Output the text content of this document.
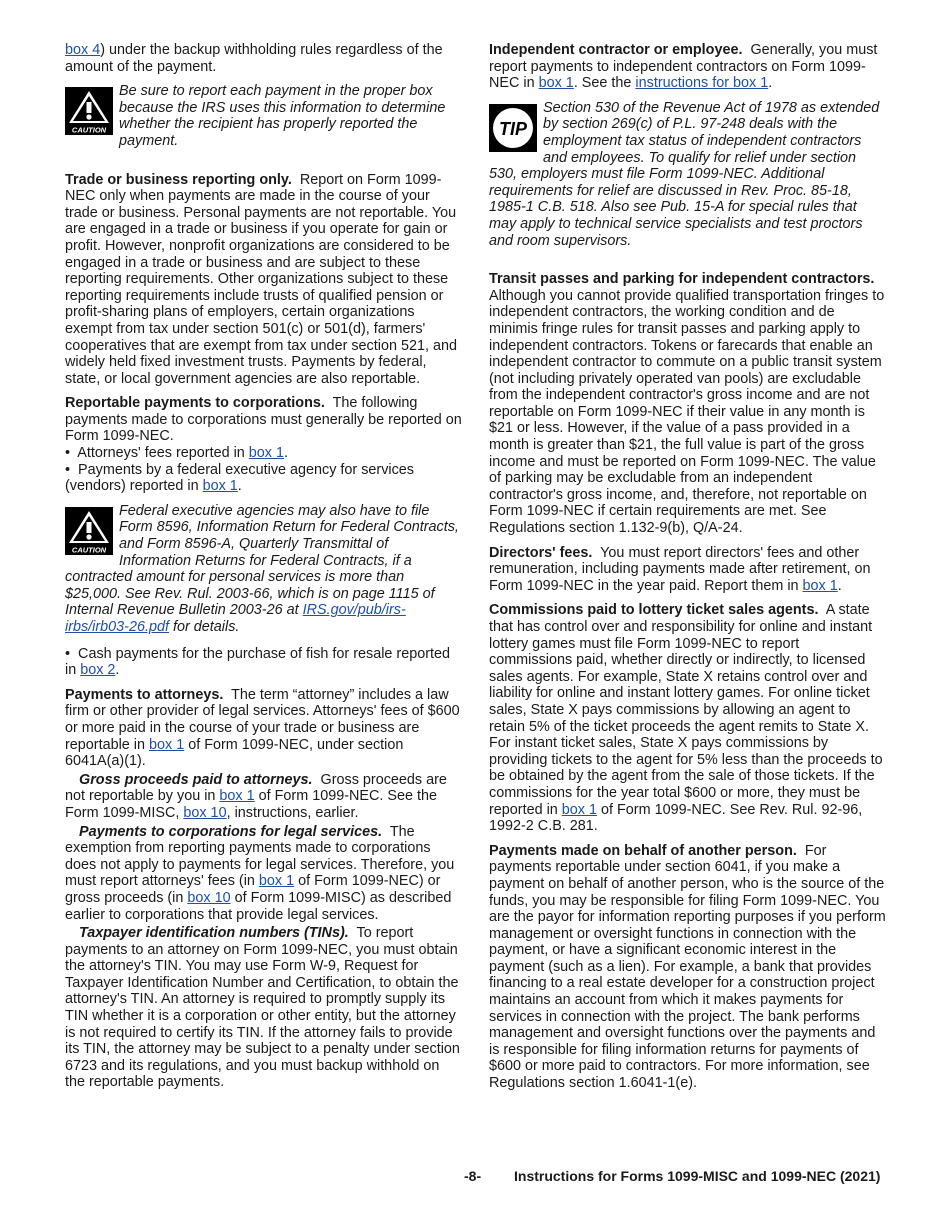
box 4) under the backup withholding rules regardless of the amount of the payment.

CAUTION
Be sure to report each payment in the proper box because the IRS uses this information to determine whether the recipient has properly reported the payment.

Trade or business reporting only. Report on Form 1099-NEC only when payments are made in the course of your trade or business. Personal payments are not reportable. You are engaged in a trade or business if you operate for gain or profit. However, nonprofit organizations are considered to be engaged in a trade or business and are subject to these reporting requirements. Other organizations subject to these reporting requirements include trusts of qualified pension or profit-sharing plans of employers, certain organizations exempt from tax under section 501(c) or 501(d), farmers' cooperatives that are exempt from tax under section 521, and widely held fixed investment trusts. Payments by federal, state, or local government agencies are also reportable.

Reportable payments to corporations. The following payments made to corporations must generally be reported on Form 1099-NEC.

•  Attorneys' fees reported in box 1.

•  Payments by a federal executive agency for services (vendors) reported in box 1.

CAUTION
Federal executive agencies may also have to file Form 8596, Information Return for Federal Contracts, and Form 8596-A, Quarterly Transmittal of Information Returns for Federal Contracts, if a contracted amount for personal services is more than $25,000. See Rev. Rul. 2003-66, which is on page 1115 of Internal Revenue Bulletin 2003-26 at IRS.gov/pub/irs-irbs/irb03-26.pdf for details.

•  Cash payments for the purchase of fish for resale reported in box 2.

Payments to attorneys. The term “attorney” includes a law firm or other provider of legal services. Attorneys' fees of $600 or more paid in the course of your trade or business are reportable in box 1 of Form 1099-NEC, under section 6041A(a)(1).

Gross proceeds paid to attorneys. Gross proceeds are not reportable by you in box 1 of Form 1099-NEC. See the Form 1099-MISC, box 10, instructions, earlier.

Payments to corporations for legal services. The exemption from reporting payments made to corporations does not apply to payments for legal services. Therefore, you must report attorneys' fees (in box 1 of Form 1099-NEC) or gross proceeds (in box 10 of Form 1099-MISC) as described earlier to corporations that provide legal services.

Taxpayer identification numbers (TINs). To report payments to an attorney on Form 1099-NEC, you must obtain the attorney's TIN. You may use Form W-9, Request for Taxpayer Identification Number and Certification, to obtain the attorney's TIN. An attorney is required to promptly supply its TIN whether it is a corporation or other entity, but the attorney is not required to certify its TIN. If the attorney fails to provide its TIN, the attorney may be subject to a penalty under section 6723 and its regulations, and you must backup withhold on the reportable payments.

Independent contractor or employee. Generally, you must report payments to independent contractors on Form 1099-NEC in box 1. See the instructions for box 1.

TIP
Section 530 of the Revenue Act of 1978 as extended by section 269(c) of P.L. 97-248 deals with the employment tax status of independent contractors and employees. To qualify for relief under section 530, employers must file Form 1099-NEC. Additional requirements for relief are discussed in Rev. Proc. 85-18, 1985-1 C.B. 518. Also see Pub. 15-A for special rules that may apply to technical service specialists and test proctors and room supervisors.

Transit passes and parking for independent contractors.  Although you cannot provide qualified transportation fringes to independent contractors, the working condition and de minimis fringe rules for transit passes and parking apply to independent contractors. Tokens or farecards that enable an independent contractor to commute on a public transit system (not including privately operated van pools) are excludable from the independent contractor's gross income and are not reportable on Form 1099-NEC if their value in any month is $21 or less. However, if the value of a pass provided in a month is greater than $21, the full value is part of the gross income and must be reported on Form 1099-NEC. The value of parking may be excludable from an independent contractor's gross income, and, therefore, not reportable on Form 1099-NEC if certain requirements are met. See Regulations section 1.132-9(b), Q/A-24.

Directors' fees. You must report directors' fees and other remuneration, including payments made after retirement, on Form 1099-NEC in the year paid. Report them in box 1.

Commissions paid to lottery ticket sales agents. A state that has control over and responsibility for online and instant lottery games must file Form 1099-NEC to report commissions paid, whether directly or indirectly, to licensed sales agents. For example, State X retains control over and liability for online and instant lottery games. For online ticket sales, State X pays commissions by allowing an agent to retain 5% of the ticket proceeds the agent remits to State X. For instant ticket sales, State X pays commissions by providing tickets to the agent for 5% less than the proceeds to be obtained by the agent from the sale of those tickets. If the commissions for the year total $600 or more, they must be reported in box 1 of Form 1099-NEC. See Rev. Rul. 92-96, 1992-2 C.B. 281.

Payments made on behalf of another person. For payments reportable under section 6041, if you make a payment on behalf of another person, who is the source of the funds, you may be responsible for filing Form 1099-NEC. You are the payor for information reporting purposes if you perform management or oversight functions in connection with the payment, or have a significant economic interest in the payment (such as a lien). For example, a bank that provides financing to a real estate developer for a construction project maintains an account from which it makes payments for services in connection with the project. The bank performs management and oversight functions over the payments and is responsible for filing information returns for payments of $600 or more paid to contractors. For more information, see Regulations section 1.6041-1(e).

-8- Instructions for Forms 1099-MISC and 1099-NEC (2021)
